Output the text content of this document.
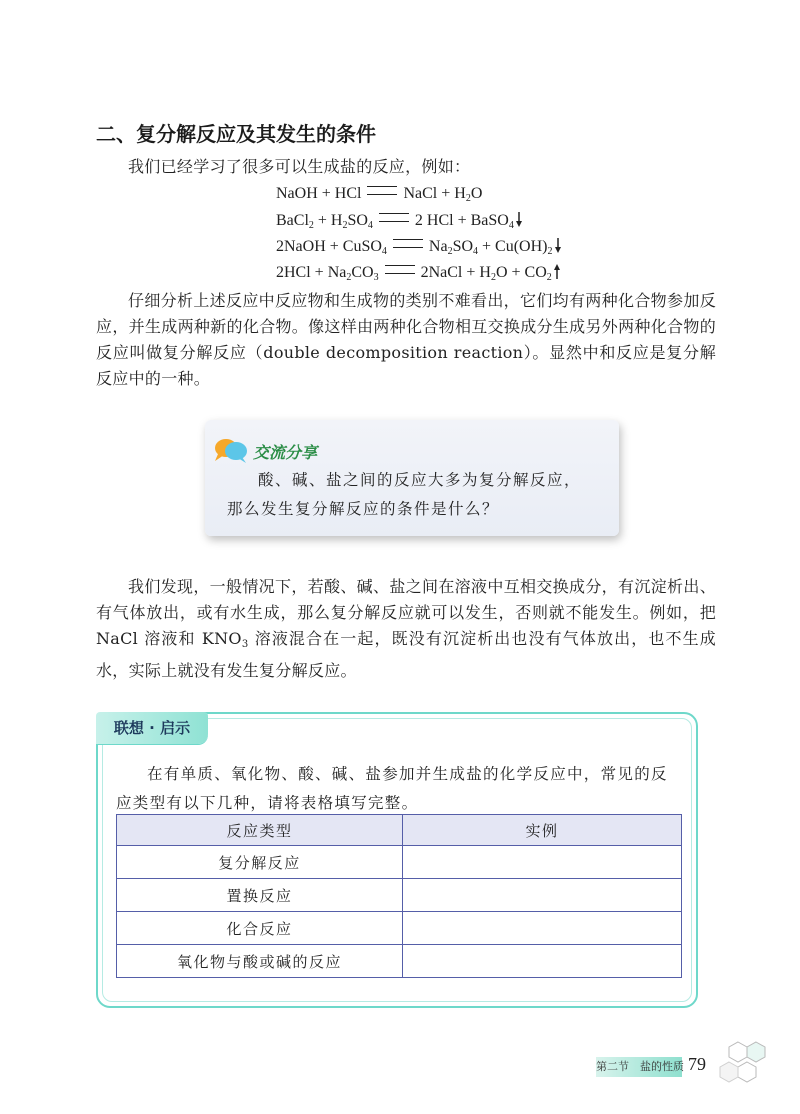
二、复分解反应及其发生的条件

我们已经学习了很多可以生成盐的反应，例如：

NaOH + HCl	NaCl + $H_2O$
BaCl$_2$ + $H_2SO_4$	2 HCl + BaSO$_4$
2NaOH + CuSO$_4$	$Na_2SO_4 + Cu(OH)_2$
$2HCl + Na_2CO_3$	2NaCl + $H_2O + CO_2$

仔细分析上述反应中反应物和生成物的类别不难看出，它们均有两种化合物参加反应，并生成两种新的化合物。像这样由两种化合物相互交换成分生成另外两种化合物的反应叫做复分解反应（double decomposition reaction）。显然中和反应是复分解反应中的一种。

交流分享

酸、碱、盐之间的反应大多为复分解反应，那么发生复分解反应的条件是什么？

我们发现，一般情况下，若酸、碱、盐之间在溶液中互相交换成分，有沉淀析出、有气体放出，或有水生成，那么复分解反应就可以发生，否则就不能发生。例如，把 NaCl 溶液和 $KNO_3$ 溶液混合在一起，既没有沉淀析出也没有气体放出，也不生成水，实际上就没有发生复分解反应。

联想 · 启示

在有单质、氧化物、酸、碱、盐参加并生成盐的化学反应中，常见的反应类型有以下几种，请将表格填写完整。

反应类型	实例
复分解反应	
置换反应	
化合反应	
氧化物与酸或碱的反应	
第二节　盐的性质 79
